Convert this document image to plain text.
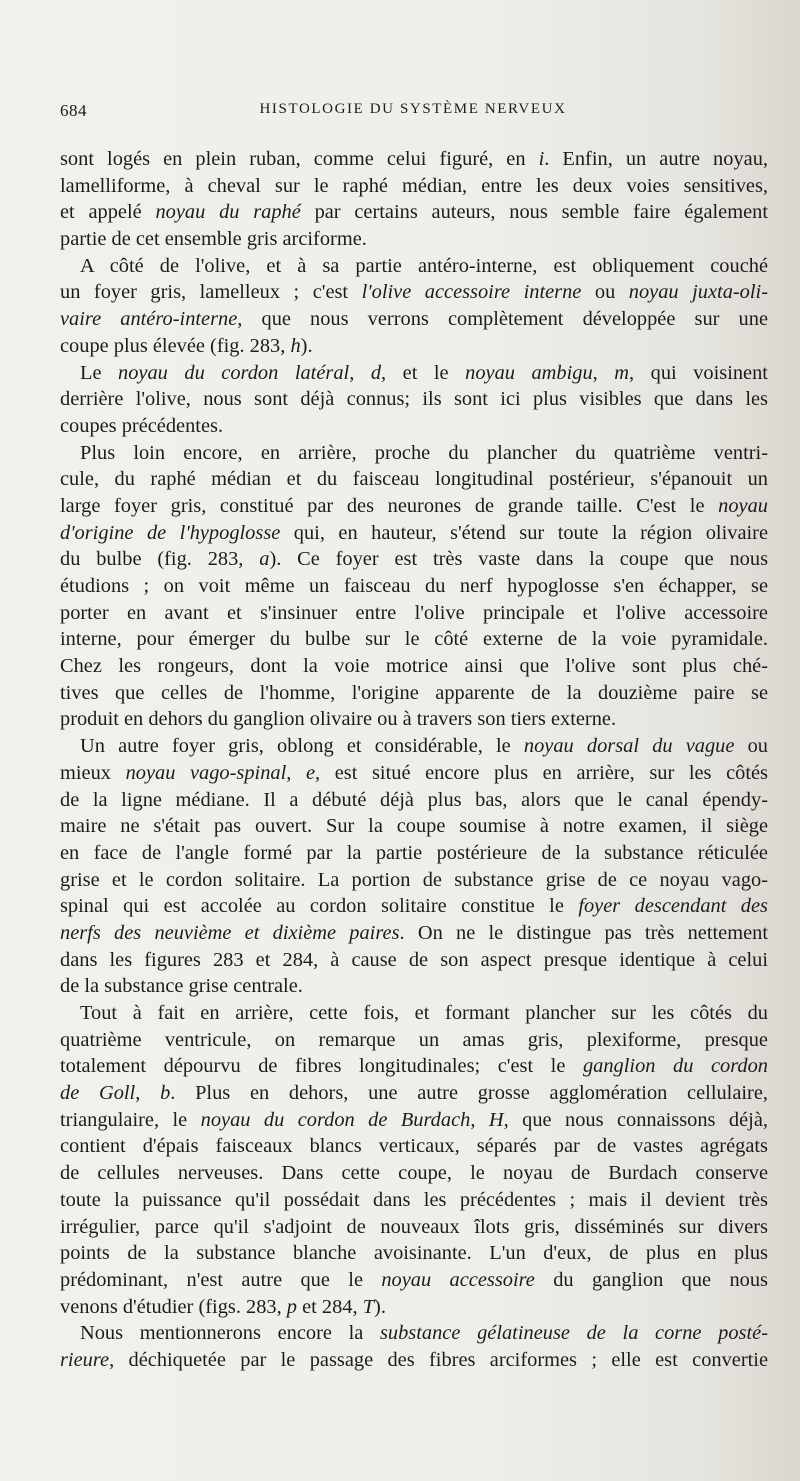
684	HISTOLOGIE DU SYSTÈME NERVEUX
sont logés en plein ruban, comme celui figuré, en i. Enfin, un autre noyau,
lamelliforme, à cheval sur le raphé médian, entre les deux voies sensitives,
et appelé noyau du raphé par certains auteurs, nous semble faire également
partie de cet ensemble gris arciforme.
A côté de l'olive, et à sa partie antéro-interne, est obliquement couché
un foyer gris, lamelleux ; c'est l'olive accessoire interne ou noyau juxta-oli-
vaire antéro-interne, que nous verrons complètement développée sur une
coupe plus élevée (fig. 283, h).
Le noyau du cordon latéral, d, et le noyau ambigu, m, qui voisinent
derrière l'olive, nous sont déjà connus; ils sont ici plus visibles que dans les
coupes précédentes.
Plus loin encore, en arrière, proche du plancher du quatrième ventri-
cule, du raphé médian et du faisceau longitudinal postérieur, s'épanouit un
large foyer gris, constitué par des neurones de grande taille. C'est le noyau
d'origine de l'hypoglosse qui, en hauteur, s'étend sur toute la région olivaire
du bulbe (fig. 283, a). Ce foyer est très vaste dans la coupe que nous
étudions ; on voit même un faisceau du nerf hypoglosse s'en échapper, se
porter en avant et s'insinuer entre l'olive principale et l'olive accessoire
interne, pour émerger du bulbe sur le côté externe de la voie pyramidale.
Chez les rongeurs, dont la voie motrice ainsi que l'olive sont plus ché-
tives que celles de l'homme, l'origine apparente de la douzième paire se
produit en dehors du ganglion olivaire ou à travers son tiers externe.
Un autre foyer gris, oblong et considérable, le noyau dorsal du vague ou
mieux noyau vago-spinal, e, est situé encore plus en arrière, sur les côtés
de la ligne médiane. Il a débuté déjà plus bas, alors que le canal épendy-
maire ne s'était pas ouvert. Sur la coupe soumise à notre examen, il siège
en face de l'angle formé par la partie postérieure de la substance réticulée
grise et le cordon solitaire. La portion de substance grise de ce noyau vago-
spinal qui est accolée au cordon solitaire constitue le foyer descendant des
nerfs des neuvième et dixième paires. On ne le distingue pas très nettement
dans les figures 283 et 284, à cause de son aspect presque identique à celui
de la substance grise centrale.
Tout à fait en arrière, cette fois, et formant plancher sur les côtés du
quatrième ventricule, on remarque un amas gris, plexiforme, presque
totalement dépourvu de fibres longitudinales; c'est le ganglion du cordon
de Goll, b. Plus en dehors, une autre grosse agglomération cellulaire,
triangulaire, le noyau du cordon de Burdach, H, que nous connaissons déjà,
contient d'épais faisceaux blancs verticaux, séparés par de vastes agrégats
de cellules nerveuses. Dans cette coupe, le noyau de Burdach conserve
toute la puissance qu'il possédait dans les précédentes ; mais il devient très
irrégulier, parce qu'il s'adjoint de nouveaux îlots gris, disséminés sur divers
points de la substance blanche avoisinante. L'un d'eux, de plus en plus
prédominant, n'est autre que le noyau accessoire du ganglion que nous
venons d'étudier (figs. 283, p et 284, T).
Nous mentionnerons encore la substance gélatineuse de la corne posté-
rieure, déchiquetée par le passage des fibres arciformes ; elle est convertie
